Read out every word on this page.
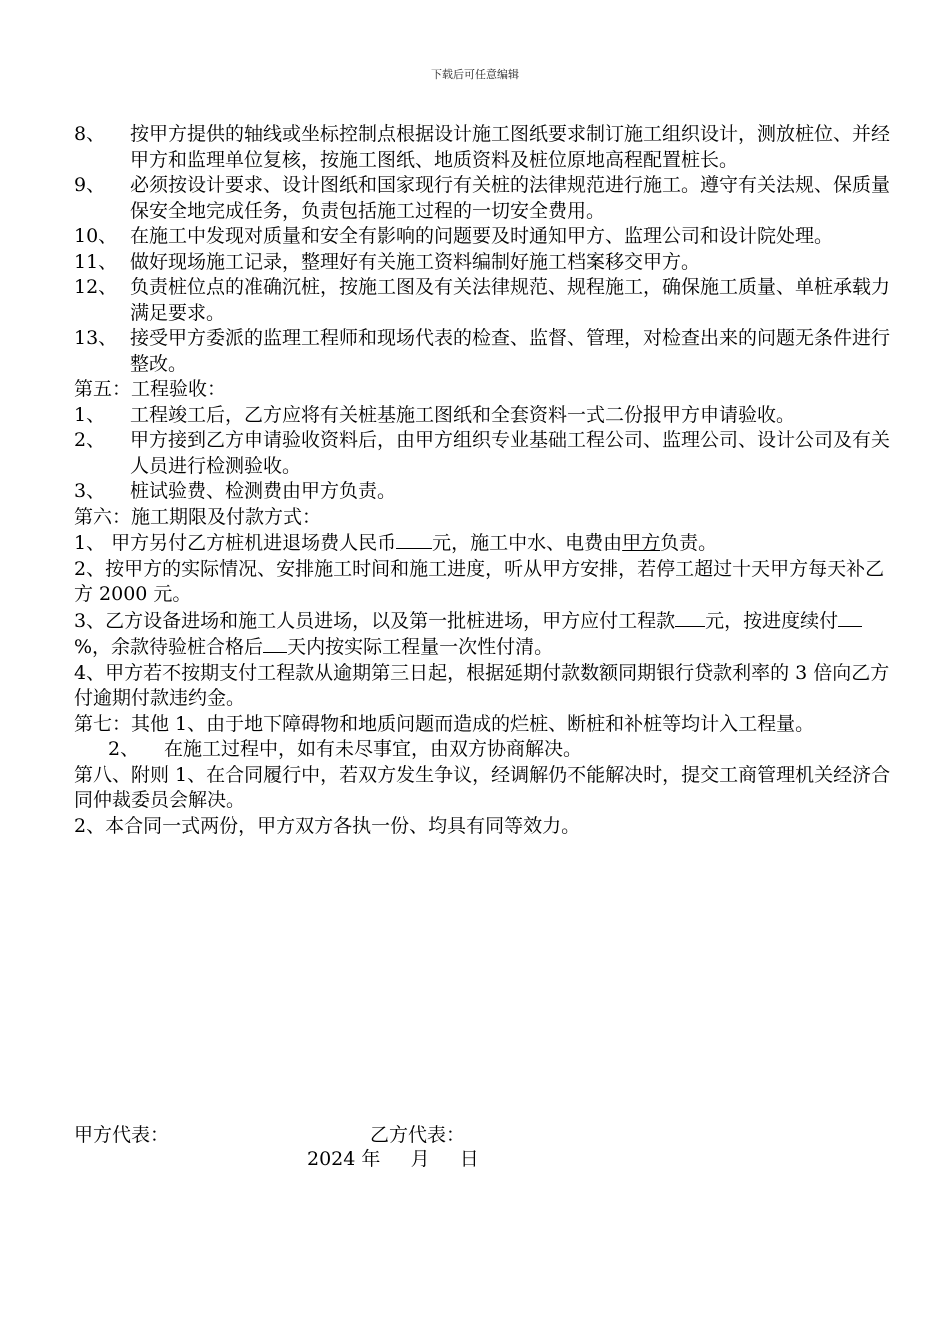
下载后可任意编辑
8、	按甲方提供的轴线或坐标控制点根据设计施工图纸要求制订施工组织设计，测放桩位、并经甲方和监理单位复核，按施工图纸、地质资料及桩位原地高程配置桩长。
9、	必须按设计要求、设计图纸和国家现行有关桩的法律规范进行施工。遵守有关法规、保质量保安全地完成任务，负责包括施工过程的一切安全费用。
10、 在施工中发现对质量和安全有影响的问题要及时通知甲方、监理公司和设计院处理。
11、 做好现场施工记录，整理好有关施工资料编制好施工档案移交甲方。
12、 负责桩位点的准确沉桩，按施工图及有关法律规范、规程施工，确保施工质量、单桩承载力满足要求。
13、 接受甲方委派的监理工程师和现场代表的检查、监督、管理，对检查出来的问题无条件进行整改。
第五：工程验收：
1、	工程竣工后，乙方应将有关桩基施工图纸和全套资料一式二份报甲方申请验收。
2、	甲方接到乙方申请验收资料后，由甲方组织专业基础工程公司、监理公司、设计公司及有关人员进行检测验收。
3、	桩试验费、检测费由甲方负责。
第六：施工期限及付款方式：
1、 甲方另付乙方桩机进退场费人民币 元，施工中水、电费由甲方负责。
2、按甲方的实际情况、安排施工时间和施工进度，听从甲方安排，若停工超过十天甲方每天补乙方 2000 元。
3、乙方设备进场和施工人员进场，以及第一批桩进场，甲方应付工程款 元，按进度续付%，余款待验桩合格后 天内按实际工程量一次性付清。
4、甲方若不按期支付工程款从逾期第三日起，根据延期付款数额同期银行贷款利率的 3 倍向乙方付逾期付款违约金。
第七：其他 1、由于地下障碍物和地质问题而造成的烂桩、断桩和补桩等均计入工程量。
2、 在施工过程中，如有未尽事宜，由双方协商解决。
第八、附则 1、在合同履行中，若双方发生争议，经调解仍不能解决时，提交工商管理机关经济合同仲裁委员会解决。
2、本合同一式两份，甲方双方各执一份、均具有同等效力。
甲方代表：	乙方代表：
2024 年     月     日
